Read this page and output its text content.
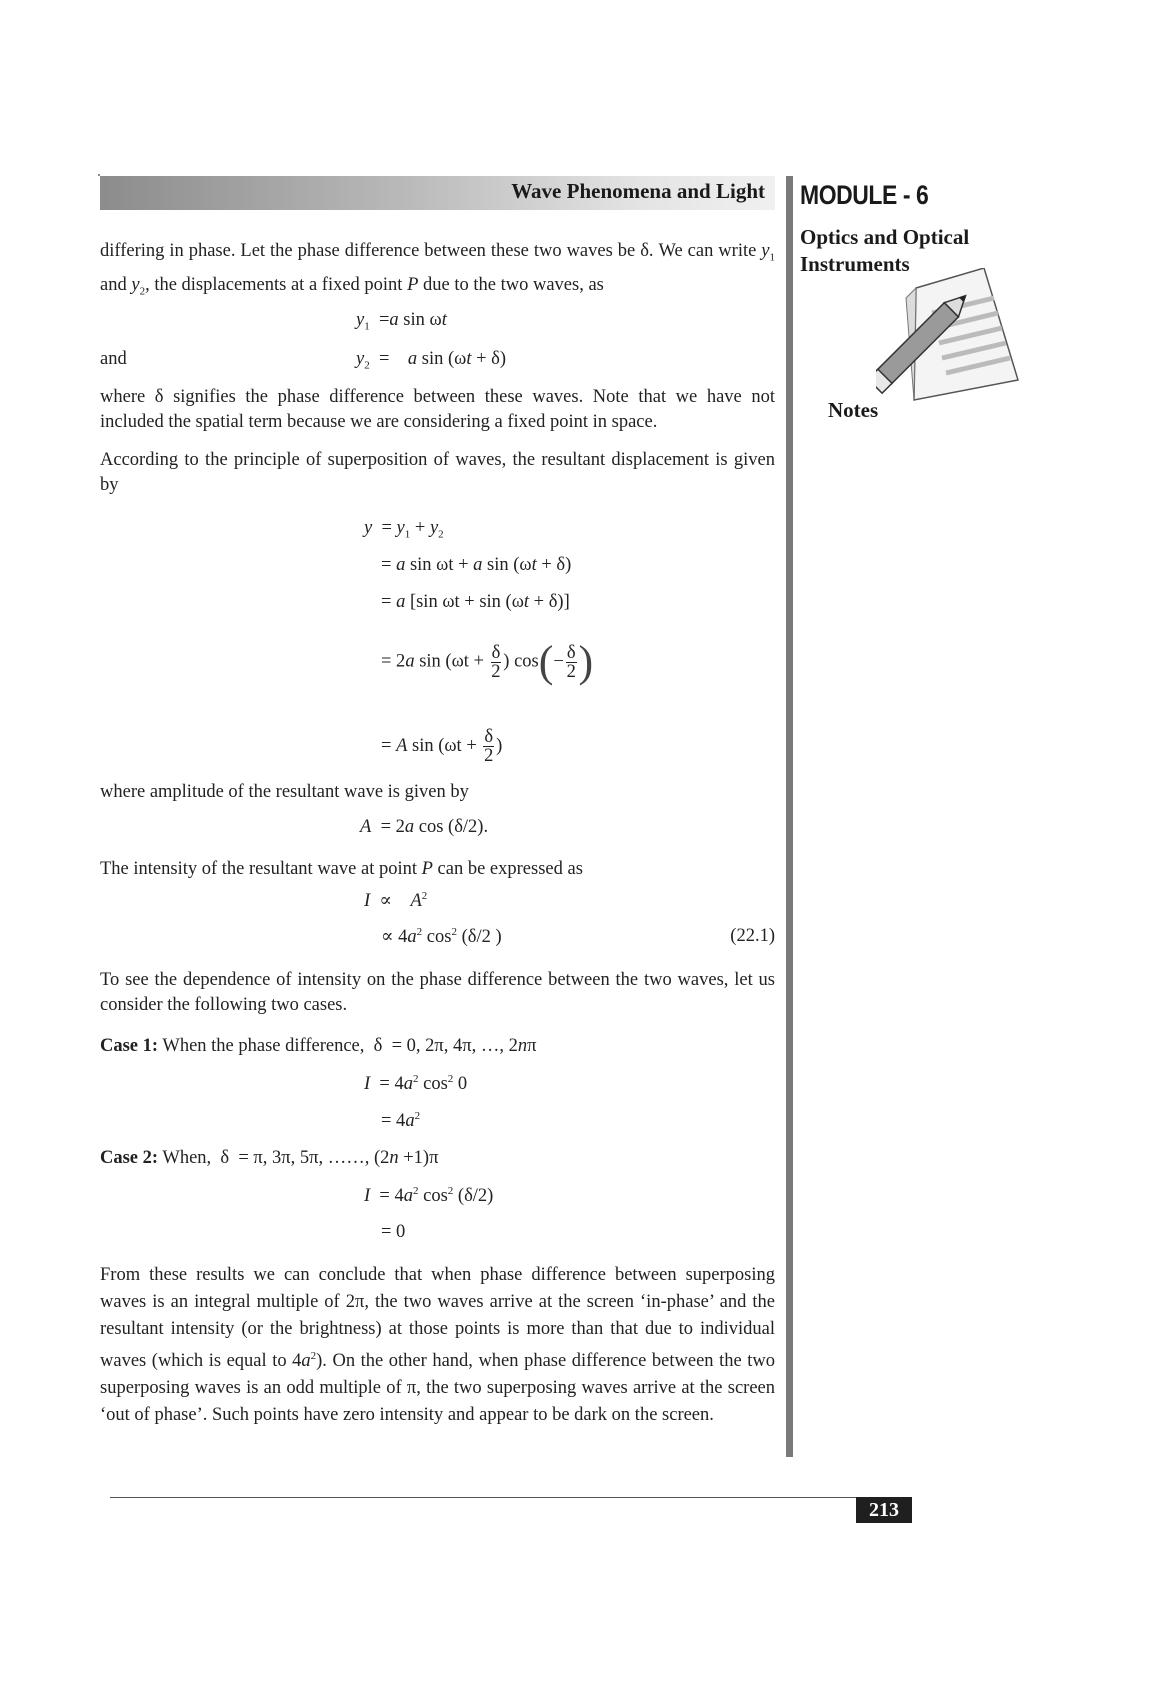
Wave Phenomena and Light MODULE - 6
Optics and Optical
Instruments
Notes
differing in phase. Let the phase difference between these two waves be δ. We can write $y_1$ and $y_2$, the displacements at a fixed point P due to the two waves, as
$y_1 =a$ sin ωt
and	$y_2$  =    a sin (ωt + δ)
where δ signifies the phase difference between these waves. Note that we have not included the spatial term because we are considering a fixed point in space.
According to the principle of superposition of waves, the resultant displacement is given by
$y = y_1 + y_2$
= a sin ωt + a sin (ωt + δ)
= a [sin ωt + sin (ωt + δ)]
= 2a $\sin (\omega t + \frac{\delta}{2}$ ) $\cos(- \frac{\delta}{2}$ )
= A $\sin (\omega t + \frac{\delta}{2}$ )
where amplitude of the resultant wave is given by
A  = 2a cos (δ/2).
The intensity of the resultant wave at point P can be expressed as
I  ∝    $A^2$
∝ $4a^2$ $\cos^2 (\delta/2$ )	(22.1)
To see the dependence of intensity on the phase difference between the two waves, let us consider the following two cases.
Case 1: When the phase difference,  δ  = 0, 2π, 4π, …, 2nπ
$I = 4a^2$ $\cos^2 0$
= $4a^2$
Case 2: When,  δ  = π, 3π, 5π, ……, (2n +1)π
$I = 4a^2$ $\cos^2 (\delta/2)$
= 0
From these results we can conclude that when phase difference between superposing waves is an integral multiple of 2π, the two waves arrive at the screen ‘in-phase’ and the resultant intensity (or the brightness) at those points is more than that due to individual waves (which is equal to $4a^2$). On the other hand, when phase difference between the two superposing waves is an odd multiple of π, the two superposing waves arrive at the screen ‘out of phase’. Such points have zero intensity and appear to be dark on the screen.
213
